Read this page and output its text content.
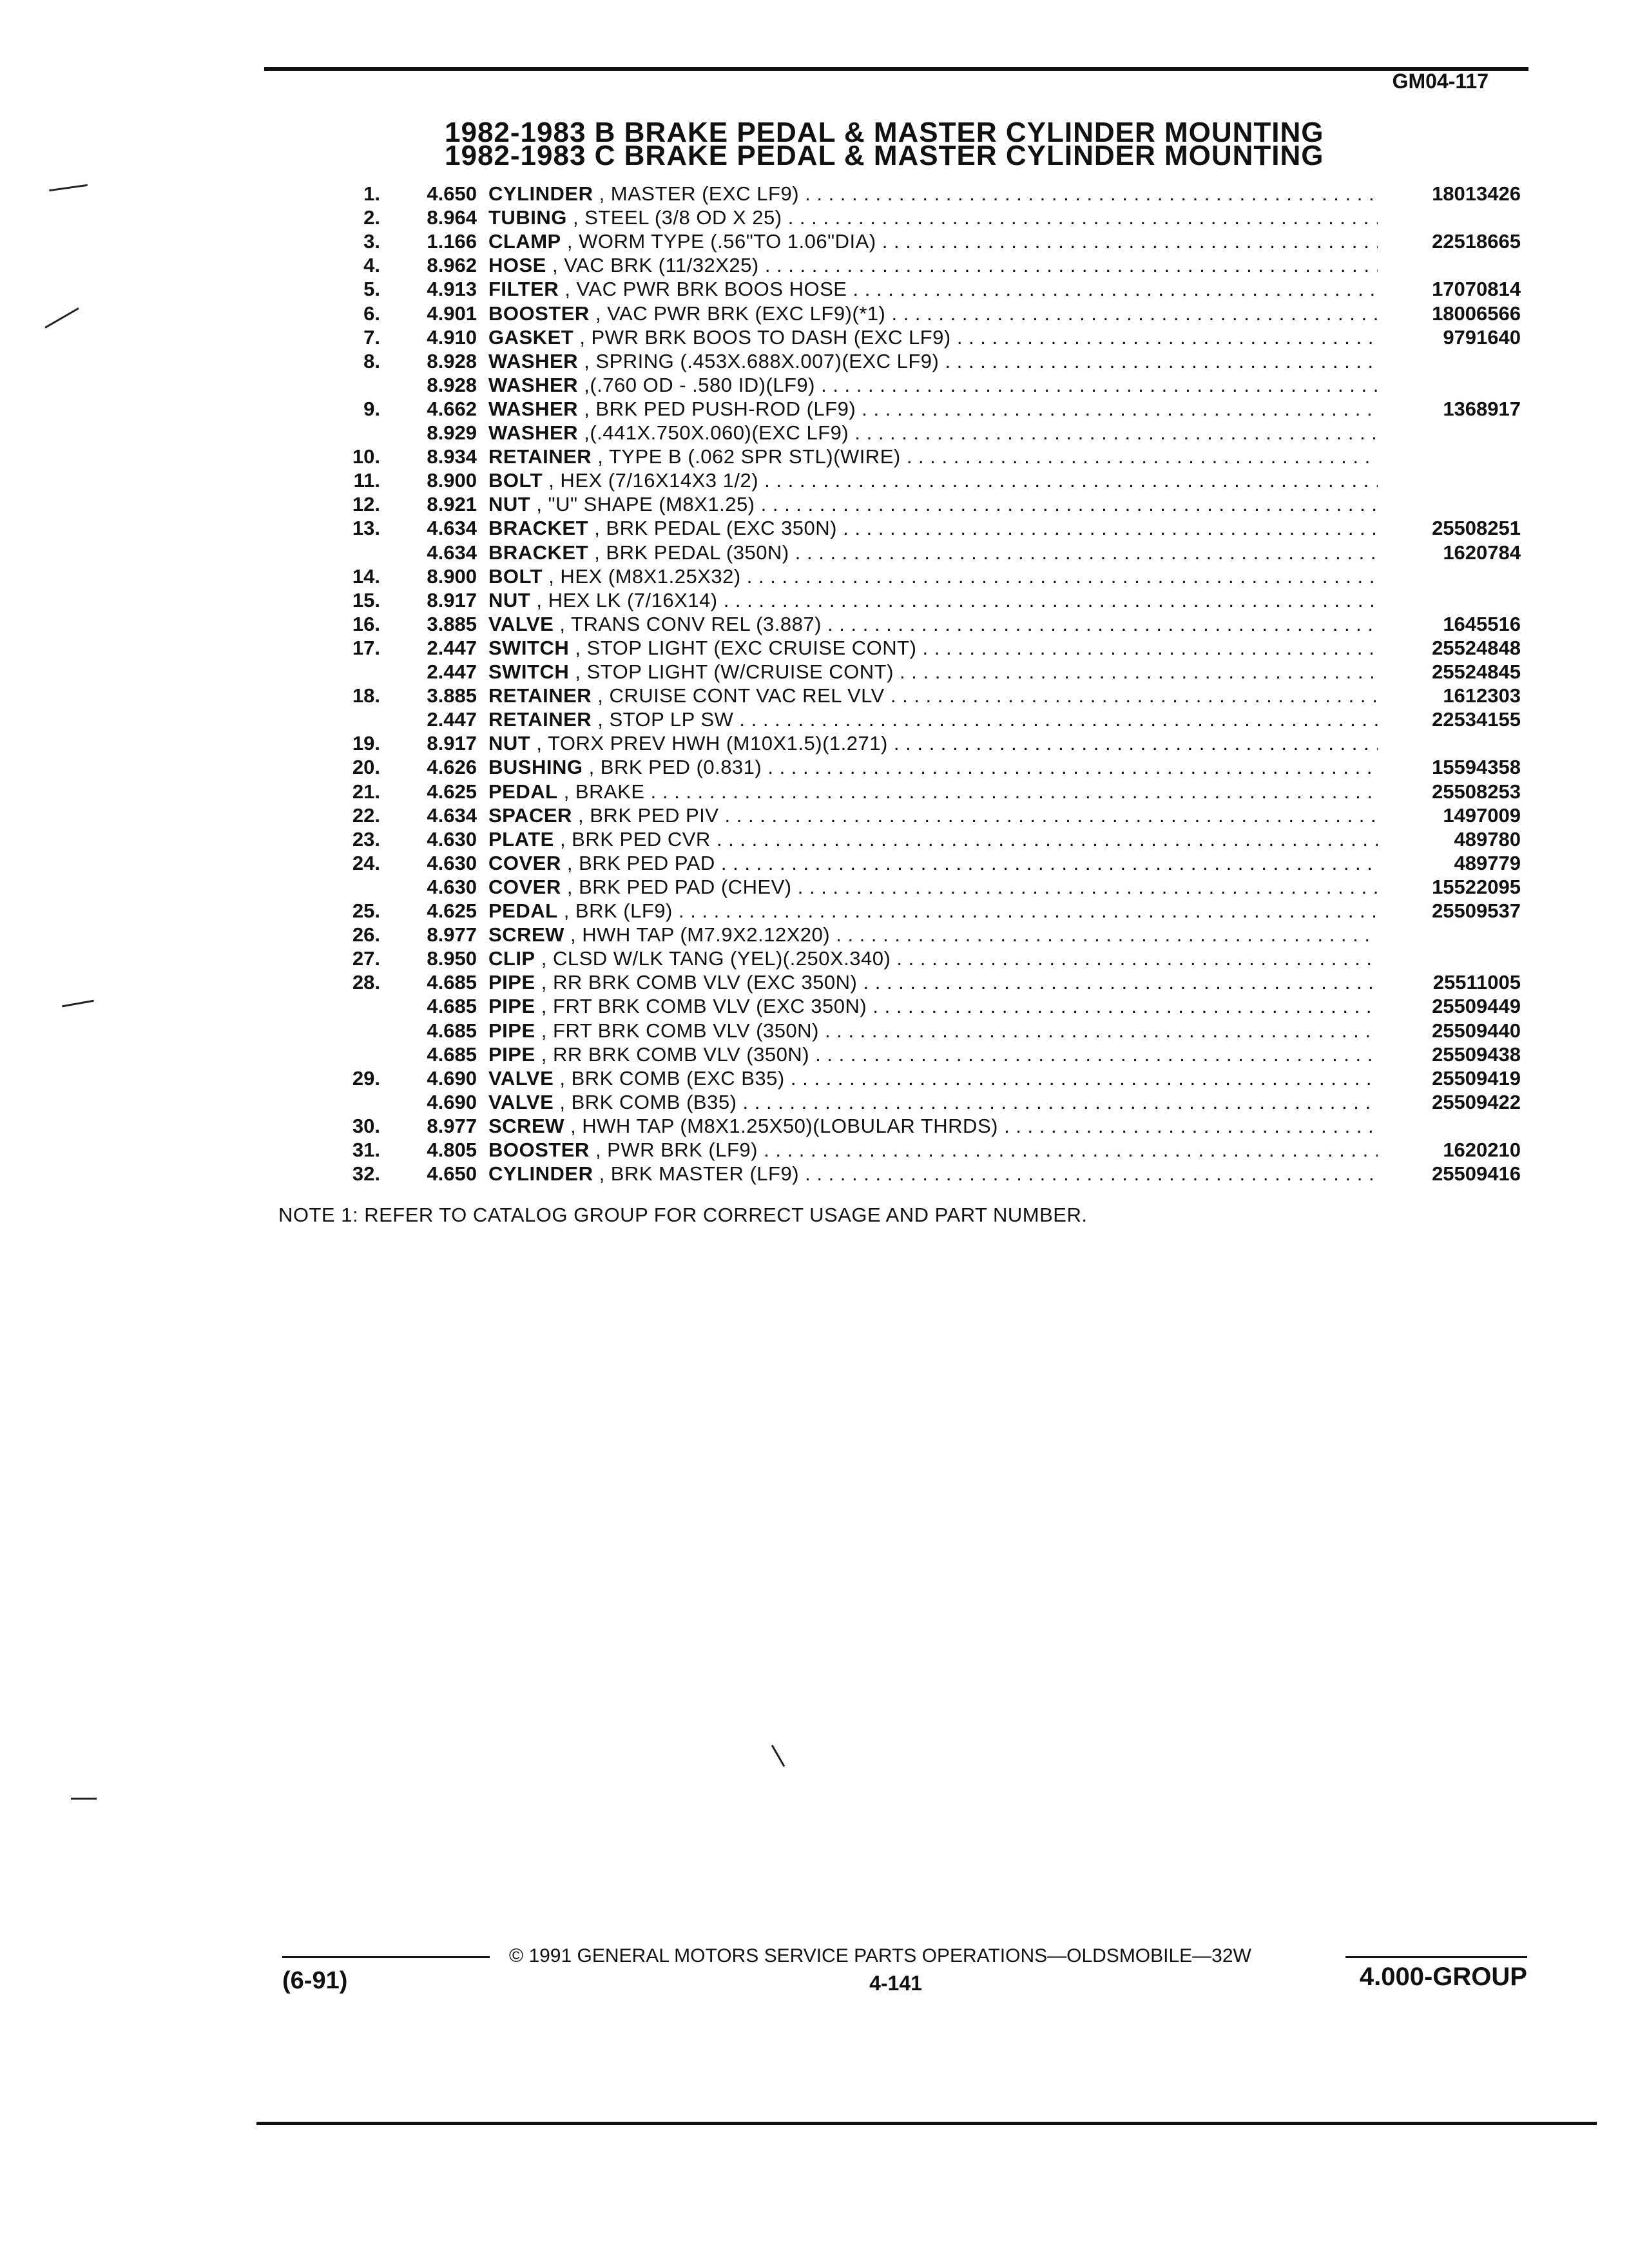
GM04-117
1982-1983 B BRAKE PEDAL & MASTER CYLINDER MOUNTING
1982-1983 C BRAKE PEDAL & MASTER CYLINDER MOUNTING
1.	4.650 CYLINDER , MASTER (EXC LF9) . . .	18013426
2.	8.964 TUBING , STEEL (3/8 OD X 25) . . .
3.	1.166 CLAMP , WORM TYPE (.56"TO 1.06"DIA) . . .	22518665
4.	8.962 HOSE , VAC BRK (11/32X25) . . .
5.	4.913 FILTER , VAC PWR BRK BOOS HOSE . . .	17070814
6.	4.901 BOOSTER , VAC PWR BRK (EXC LF9)(*1) . . .	18006566
7.	4.910 GASKET , PWR BRK BOOS TO DASH (EXC LF9) . . .	9791640
8.	8.928 WASHER , SPRING (.453X.688X.007)(EXC LF9) . . .
8.928 WASHER ,(.760 OD - .580 ID)(LF9) . . .
9.	4.662 WASHER , BRK PED PUSH-ROD (LF9) . . .	1368917
8.929 WASHER ,(.441X.750X.060)(EXC LF9) . . .
10.	8.934 RETAINER , TYPE B (.062 SPR STL)(WIRE) . . .
11.	8.900 BOLT , HEX (7/16X14X3 1/2) . . .
12.	8.921 NUT , "U" SHAPE (M8X1.25) . . .
13.	4.634 BRACKET , BRK PEDAL (EXC 350N) . . .	25508251
4.634 BRACKET , BRK PEDAL (350N) . . .	1620784
14.	8.900 BOLT , HEX (M8X1.25X32) . . .
15.	8.917 NUT , HEX LK (7/16X14) . . .
16.	3.885 VALVE , TRANS CONV REL (3.887) . . .	1645516
17.	2.447 SWITCH , STOP LIGHT (EXC CRUISE CONT) . . .	25524848
2.447 SWITCH , STOP LIGHT (W/CRUISE CONT) . . .	25524845
18.	3.885 RETAINER , CRUISE CONT VAC REL VLV . . .	1612303
2.447 RETAINER , STOP LP SW . . .	22534155
19.	8.917 NUT , TORX PREV HWH (M10X1.5)(1.271) . . .
20.	4.626 BUSHING , BRK PED (0.831) . . .	15594358
21.	4.625 PEDAL , BRAKE . . .	25508253
22.	4.634 SPACER , BRK PED PIV . . .	1497009
23.	4.630 PLATE , BRK PED CVR . . .	489780
24.	4.630 COVER , BRK PED PAD . . .	489779
4.630 COVER , BRK PED PAD (CHEV) . . .	15522095
25.	4.625 PEDAL , BRK (LF9) . . .	25509537
26.	8.977 SCREW , HWH TAP (M7.9X2.12X20) . . .
27.	8.950 CLIP , CLSD W/LK TANG (YEL)(.250X.340) . . .
28.	4.685 PIPE , RR BRK COMB VLV (EXC 350N) . . .	25511005
4.685 PIPE , FRT BRK COMB VLV (EXC 350N) . . .	25509449
4.685 PIPE , FRT BRK COMB VLV (350N) . . .	25509440
4.685 PIPE , RR BRK COMB VLV (350N) . . .	25509438
29.	4.690 VALVE , BRK COMB (EXC B35) . . .	25509419
4.690 VALVE , BRK COMB (B35) . . .	25509422
30.	8.977 SCREW , HWH TAP (M8X1.25X50)(LOBULAR THRDS) . . .
31.	4.805 BOOSTER , PWR BRK (LF9) . . .	1620210
32.	4.650 CYLINDER , BRK MASTER (LF9) . . .	25509416
NOTE 1: REFER TO CATALOG GROUP FOR CORRECT USAGE AND PART NUMBER.
© 1991 GENERAL MOTORS SERVICE PARTS OPERATIONS—OLDSMOBILE—32W
(6-91)	4-141	4.000-GROUP
